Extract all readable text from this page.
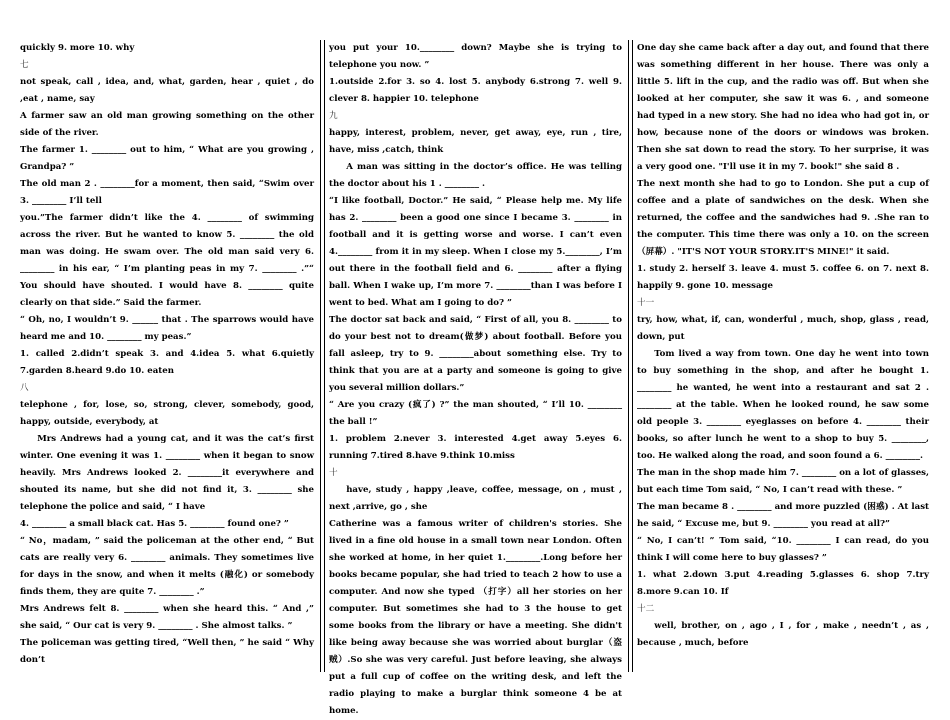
quickly 9. more 10. why

七

not speak, call , idea, and, what, garden, hear , quiet , do ,eat , name, say

A farmer saw an old man growing something on the other side of the river.

The farmer 1. ________ out to him, “ What are you growing , Grandpa? ”

The old man 2 . ________for a moment, then said, “Swim over 3. ________ I’ll tell

you.”The farmer didn’t like the 4. ________ of swimming across the river. But he wanted to know 5. ________ the old man was doing. He swam over. The old man said very 6. ________ in his ear, “ I’m planting peas in my 7. ________ .”“ You should have shouted. I would have 8. ________ quite clearly on that side.” Said the farmer.

“ Oh, no, I wouldn’t 9. ______ that . The sparrows would have heard me and 10. ________ my peas.”

1. called 2.didn’t speak 3. and 4.idea 5. what 6.quietly 7.garden 8.heard 9.do 10. eaten

八

telephone , for, lose, so, strong, clever, somebody, good, happy, outside, everybody, at

Mrs Andrews had a young cat, and it was the cat’s first winter. One evening it was 1. ________ when it began to snow heavily. Mrs Andrews looked 2. ________it everywhere and shouted its name, but she did not find it, 3. ________ she telephone the police and said, “ I have

4. ________ a small black cat. Has 5. ________ found one? ”

“ No，madam, ” said the policeman at the other end, “ But cats are really very 6. ________ animals. They sometimes live for days in the snow, and when it melts (融化) or somebody finds them, they are quite 7. ________ .”

Mrs Andrews felt 8. ________ when she heard this. “ And ,” she said, “ Our cat is very 9. ________ . She almost talks. ”

The policeman was getting tired, “Well then, ” he said “ Why don’t

you put your 10.________ down? Maybe she is trying to telephone you now. ”

1.outside 2.for 3. so 4. lost 5. anybody 6.strong 7. well 9. clever 8. happier 10. telephone

九

happy, interest, problem, never, get away, eye, run , tire, have, miss ,catch, think

A man was sitting in the doctor’s office. He was telling the doctor about his 1 . ________ .

“I like football, Doctor.” He said, “ Please help me. My life has 2. ________ been a good one since I became 3. ________ in football and it is getting worse and worse. I can’t even 4.________ from it in my sleep. When I close my 5.________, I’m out there in the football field and 6. ________ after a flying ball. When I wake up, I’m more 7. ________than I was before I went to bed. What am I going to do? ”

The doctor sat back and said, “ First of all, you 8. ________ to do your best not to dream(做梦) about football. Before you fall asleep, try to 9. ________about something else. Try to think that you are at a party and someone is going to give you several million dollars.”

“ Are you crazy (疯了) ?” the man shouted, “ I’ll 10. ________ the ball !”

1. problem 2.never 3. interested 4.get away 5.eyes 6. running 7.tired 8.have 9.think 10.miss

十

have, study , happy ,leave, coffee, message, on , must , next ,arrive, go , she

Catherine was a famous writer of children's stories. She lived in a fine old house in a small town near London. Often she worked at home, in her quiet 1.________.Long before her books became popular, she had tried to teach 2 how to use a computer. And now she typed （打字）all her stories on her computer. But sometimes she had to 3 the house to get some books from the library or have a meeting. She didn't like being away because she was worried about burglar（盗贼）.So she was very careful. Just before leaving, she always put a full cup of coffee on the writing desk, and left the radio playing to make a burglar think someone 4 be at home.

One day she came back after a day out, and found that there was something different in her house. There was only a little 5. lift in the cup, and the radio was off. But when she looked at her computer, she saw it was 6. , and someone had typed in a new story. She had no idea who had got in, or how, because none of the doors or windows was broken. Then she sat down to read the story. To her surprise, it was a very good one. "I'll use it in my 7. book!" she said 8 .

The next month she had to go to London. She put a cup of coffee and a plate of sandwiches on the desk. When she returned, the coffee and the sandwiches had 9. .She ran to the computer. This time there was only a 10. on the screen（屏幕）. "IT'S NOT YOUR STORY.IT'S MINE!" it said.

1. study 2. herself 3. leave 4. must 5. coffee 6. on 7. next 8. happily 9. gone 10. message

十一

try, how, what, if, can, wonderful , much, shop, glass , read, down, put

Tom lived a way from town. One day he went into town to buy something in the shop, and after he bought 1. ________ he wanted, he went into a restaurant and sat 2 . ________ at the table. When he looked round, he saw some old people 3. ________ eyeglasses on before 4. ________ their books, so after lunch he went to a shop to buy 5. ________, too. He walked along the road, and soon found a 6. ________.

The man in the shop made him 7. ________ on a lot of glasses, but each time Tom said, “ No, I can’t read with these. ”

The man became 8 . ________ and more puzzled (困惑) . At last he said, “ Excuse me, but 9. ________ you read at all?”

“ No, I can’t! ” Tom said, “10. ________ I can read, do you think I will come here to buy glasses? ”

1. what 2.down 3.put 4.reading 5.glasses 6. shop 7.try 8.more 9.can 10. If

十二

well, brother, on , ago , I , for , make , needn’t , as , because , much, before
